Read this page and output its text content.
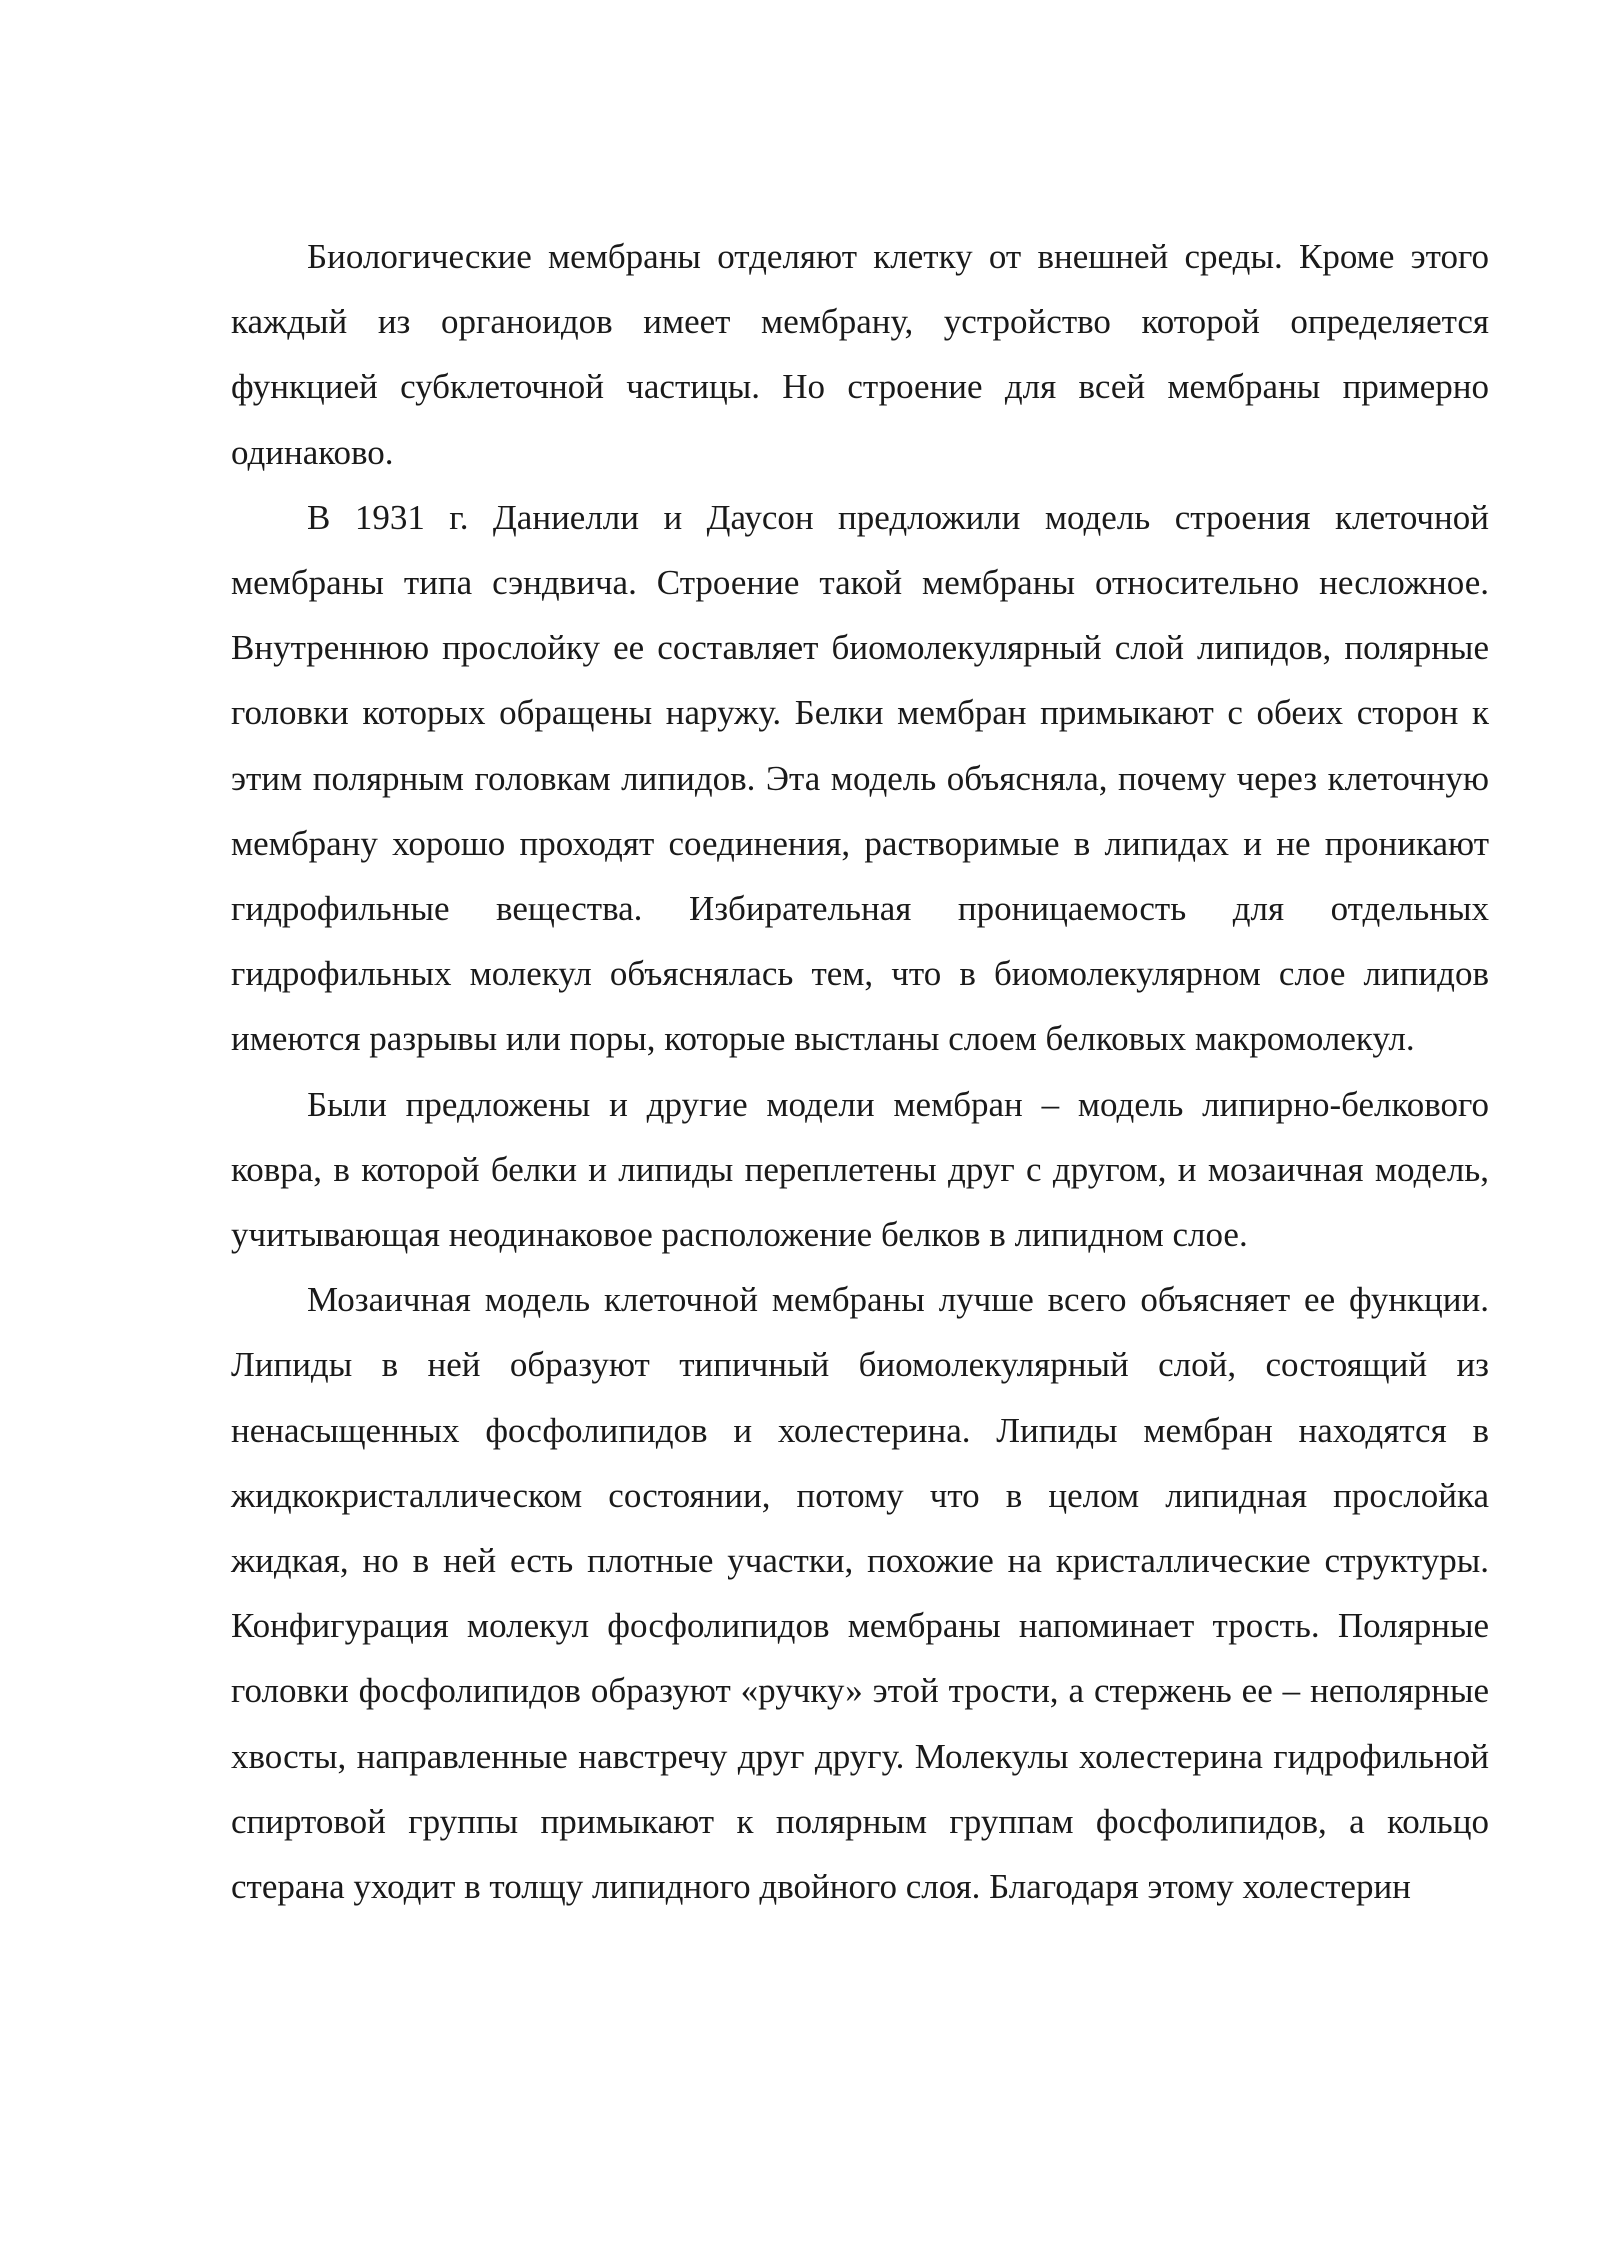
Биологические мембраны отделяют клетку от внешней среды. Кроме этого каждый из органоидов имеет мембрану, устройство которой определяется функцией субклеточной частицы. Но строение для всей мембраны примерно одинаково.

В 1931 г. Даниелли и Даусон предложили модель строения клеточной мембраны типа сэндвича. Строение такой мембраны относительно несложное. Внутреннюю прослойку ее составляет биомолекулярный слой липидов, полярные головки которых обращены наружу. Белки мембран примыкают с обеих сторон к этим полярным головкам липидов. Эта модель объясняла, почему через клеточную мембрану хорошо проходят соединения, растворимые в липидах и не проникают гидрофильные вещества. Избирательная проницаемость для отдельных гидрофильных молекул объяснялась тем, что в биомолекулярном слое липидов имеются разрывы или поры, которые выстланы слоем белковых макромолекул.

Были предложены и другие модели мембран – модель липирно-белкового ковра, в которой белки и липиды переплетены друг с другом, и мозаичная модель, учитывающая неодинаковое расположение белков в липидном слое.

Мозаичная модель клеточной мембраны лучше всего объясняет ее функции. Липиды в ней образуют типичный биомолекулярный слой, состоящий из ненасыщенных фосфолипидов и холестерина. Липиды мембран находятся в жидкокристаллическом состоянии, потому что в целом липидная прослойка жидкая, но в ней есть плотные участки, похожие на кристаллические структуры. Конфигурация молекул фосфолипидов мембраны напоминает трость. Полярные головки фосфолипидов образуют «ручку» этой трости, а стержень ее – неполярные хвосты, направленные навстречу друг другу. Молекулы холестерина гидрофильной спиртовой группы примыкают к полярным группам фосфолипидов, а кольцо стерана уходит в толщу липидного двойного слоя. Благодаря этому холестерин
